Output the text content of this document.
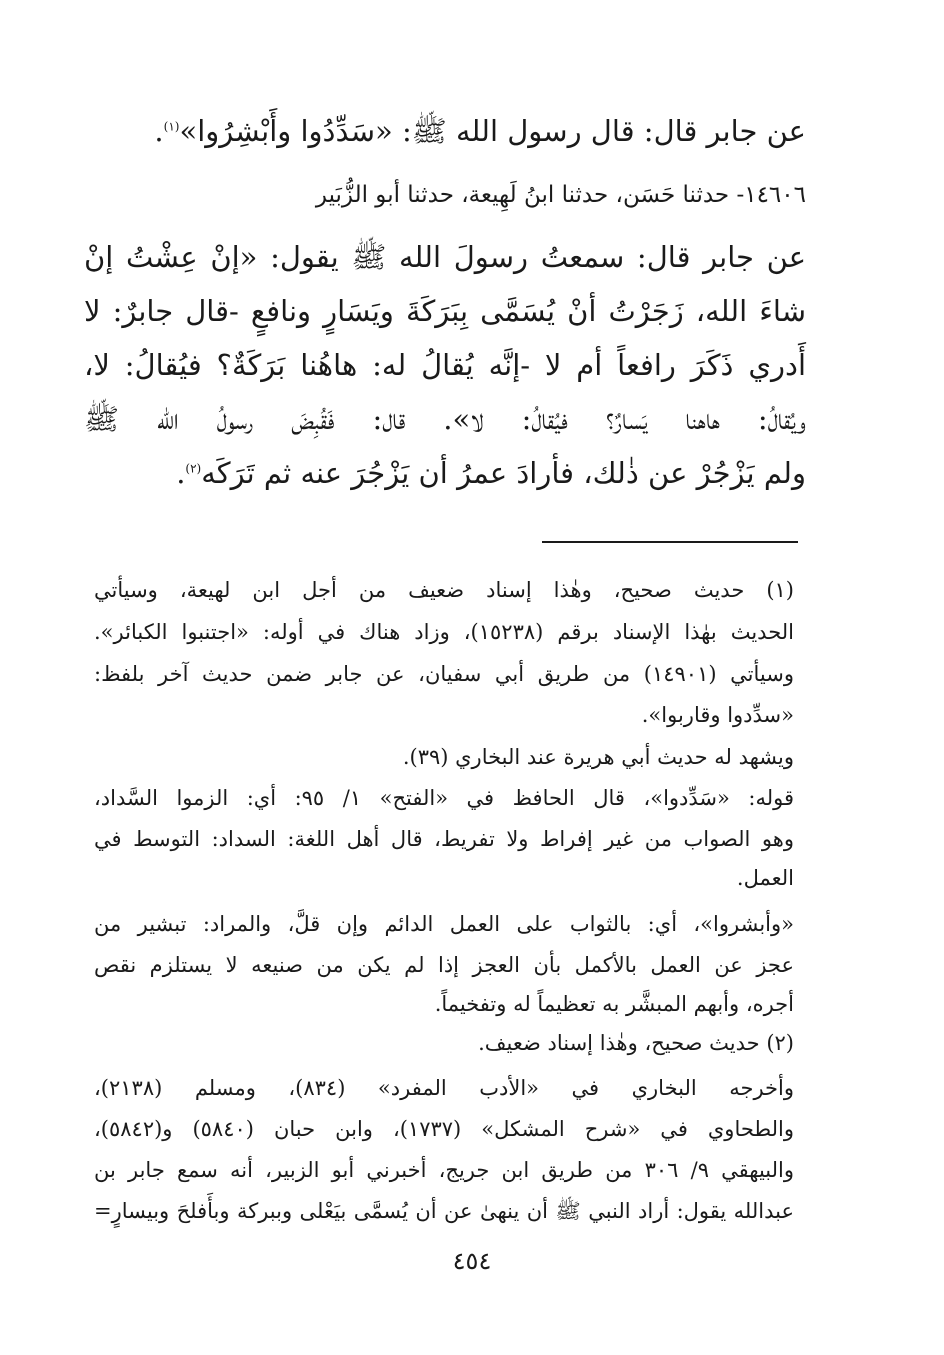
عن جابر قال: قال رسول الله ﷺ: «سَدِّدُوا وأَبْشِرُوا»$^{(١)}$.
١٤٦٠٦- حدثنا حَسَن، حدثنا ابنُ لَهِيعة، حدثنا أبو الزُّبَير
عن جابر قال: سمعتُ رسولَ الله ﷺ يقول: «إنْ عِشْتُ إنْ
شاءَ الله، زَجَرْتُ أنْ يُسَمَّى بِبَرَكَةَ ويَسَارٍ ونافعٍ -قال جابرٌ: لا
أَدري ذَكَرَ رافعاً أم لا -إنَّه يُقالُ له: هاهُنا بَرَكَةٌ؟ فيُقالُ: لا،
ويُقالُ: هاهنا يَسارٌ؟ فيُقالُ: لا». قال: فَقُبِضَ رسولُ الله ﷺ
ولم يَزْجُرْ عن ذٰلك، فأرادَ عمرُ أن يَزْجُرَ عنه ثم تَرَكَه$^{(٢)}$.
(١) حديث صحيح، وهٰذا إسناد ضعيف من أجل ابن لهيعة، وسيأتي
الحديث بهٰذا الإسناد برقم (١٥٢٣٨)، وزاد هناك في أوله: «اجتنبوا الكبائر».
وسيأتي (١٤٩٠١) من طريق أبي سفيان، عن جابر ضمن حديث آخر بلفظ:
«سدِّدوا وقاربوا».
ويشهد له حديث أبي هريرة عند البخاري (٣٩).
قوله: «سَدِّدوا»، قال الحافظ في «الفتح» ١/ ٩٥: أي: الزموا السَّداد،
وهو الصواب من غير إفراط ولا تفريط، قال أهل اللغة: السداد: التوسط في
العمل.
«وأبشروا»، أي: بالثواب على العمل الدائم وإن قلَّ، والمراد: تبشير من
عجز عن العمل بالأكمل بأن العجز إذا لم يكن من صنيعه لا يستلزم نقص
أجره، وأبهم المبشَّر به تعظيماً له وتفخيماً.
(٢) حديث صحيح، وهٰذا إسناد ضعيف.
وأخرجه البخاري في «الأدب المفرد» (٨٣٤)، ومسلم (٢١٣٨)،
والطحاوي في «شرح المشكل» (١٧٣٧)، وابن حبان (٥٨٤٠) و(٥٨٤٢)،
والبيهقي ٩/ ٣٠٦ من طريق ابن جريج، أخبرني أبو الزبير، أنه سمع جابر بن
عبدالله يقول: أراد النبي ﷺ أن ينهىٰ عن أن يُسمَّى بيَعْلى وببركة وبأَفلحَ وبيسارٍ=
٤٥٤
